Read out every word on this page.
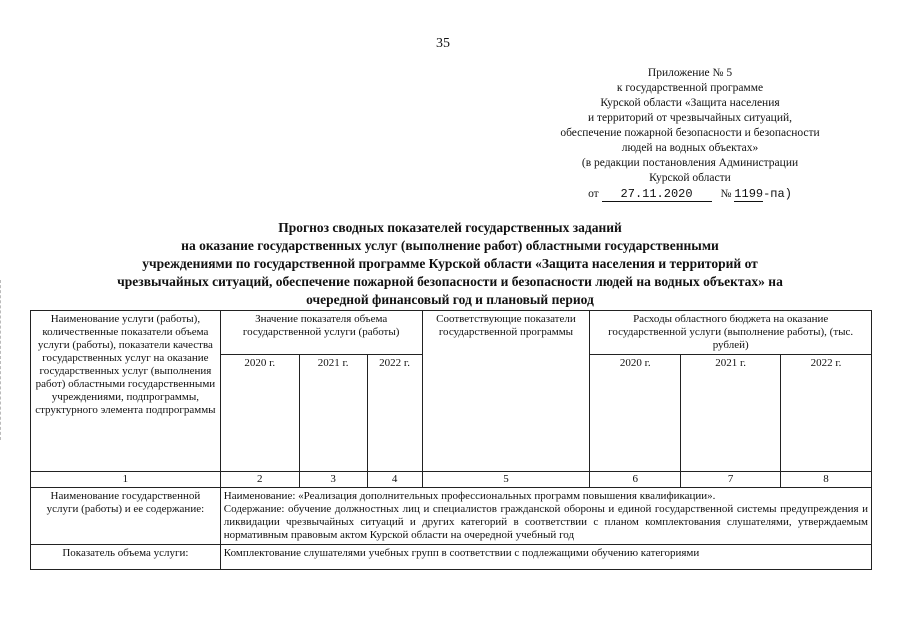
35
Приложение № 5
к государственной программе
Курской области «Защита населения
и территорий от чрезвычайных ситуаций,
обеспечение пожарной безопасности и безопасности
людей на водных объектах»
(в редакции постановления Администрации
Курской области
от 27.11.2020 № 1199-па)
Прогноз сводных показателей государственных заданий
на оказание государственных услуг (выполнение работ) областными государственными
учреждениями по государственной программе Курской области «Защита населения и территорий от
чрезвычайных ситуаций, обеспечение пожарной безопасности и безопасности людей на водных объектах» на
очередной финансовый год и плановый период
Наименование услуги (работы), количественные показатели объема услуги (работы), показатели качества государственных услуг на оказание государственных услуг (выполнения работ) областными государственными учреждениями, подпрограммы, структурного элемента подпрограммы	Значение показателя объема государственной услуги (работы)			Соответствующие показатели государственной программы	Расходы областного бюджета на оказание государственной услуги (выполнение работы), (тыс. рублей)		
	2020 г.	2021 г.	2022 г.		2020 г.	2021 г.	2022 г.
1	2	3	4	5	6	7	8
Наименование государственной услуги (работы) и ее содержание:	Наименование: «Реализация дополнительных профессиональных программ повышения квалификации».
Содержание: обучение должностных лиц и специалистов гражданской обороны и единой государственной системы предупреждения и ликвидации чрезвычайных ситуаций и других категорий в соответствии с планом комплектования слушателями, утверждаемым нормативным правовым актом Курской области на очередной учебный год						

Показатель объема услуги:	Комплектование слушателями учебных групп в соответствии с подлежащими обучению категориями						
